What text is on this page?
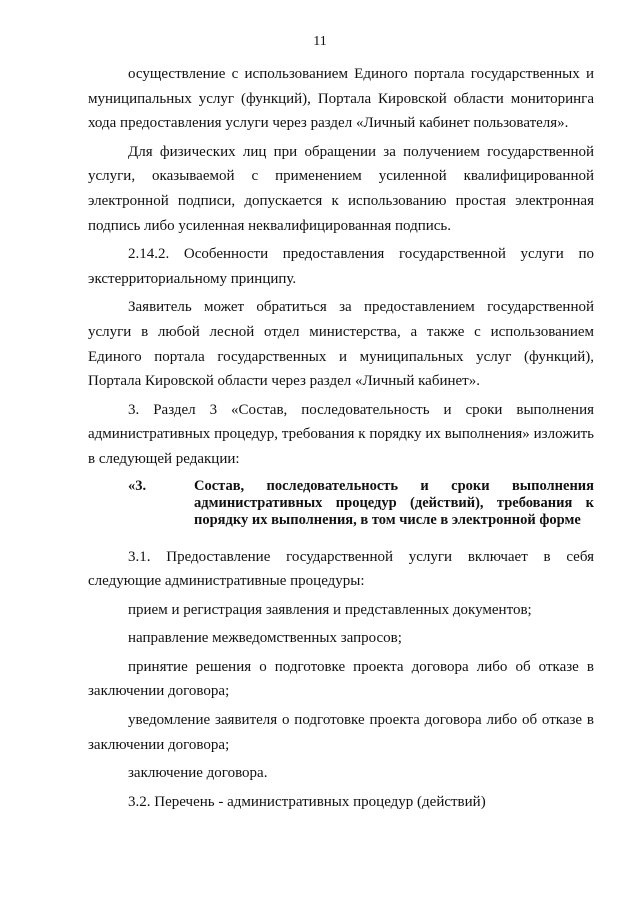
11

осуществление с использованием Единого портала государственных и муниципальных услуг (функций), Портала Кировской области мониторинга хода предоставления услуги через раздел «Личный кабинет пользователя».

Для физических лиц при обращении за получением государственной услуги, оказываемой с применением усиленной квалифицированной электронной подписи, допускается к использованию простая электронная подпись либо усиленная неквалифицированная подпись.

2.14.2. Особенности предоставления государственной услуги по экстерриториальному принципу.

Заявитель может обратиться за предоставлением государственной услуги в любой лесной отдел министерства, а также с использованием Единого портала государственных и муниципальных услуг (функций), Портала Кировской области через раздел «Личный кабинет».

3. Раздел 3 «Состав, последовательность и сроки выполнения административных процедур, требования к порядку их выполнения» изложить в следующей редакции:

«3.	Состав, последовательность и сроки выполнения административных процедур (действий), требования к порядку их выполнения, в том числе в электронной форме

3.1. Предоставление государственной услуги включает в себя следующие административные процедуры:

прием и регистрация заявления и представленных документов;

направление межведомственных запросов;

принятие решения о подготовке проекта договора либо об отказе в заключении договора;

уведомление заявителя о подготовке проекта договора либо об отказе в заключении договора;

заключение договора.

3.2. Перечень - административных процедур (действий)
